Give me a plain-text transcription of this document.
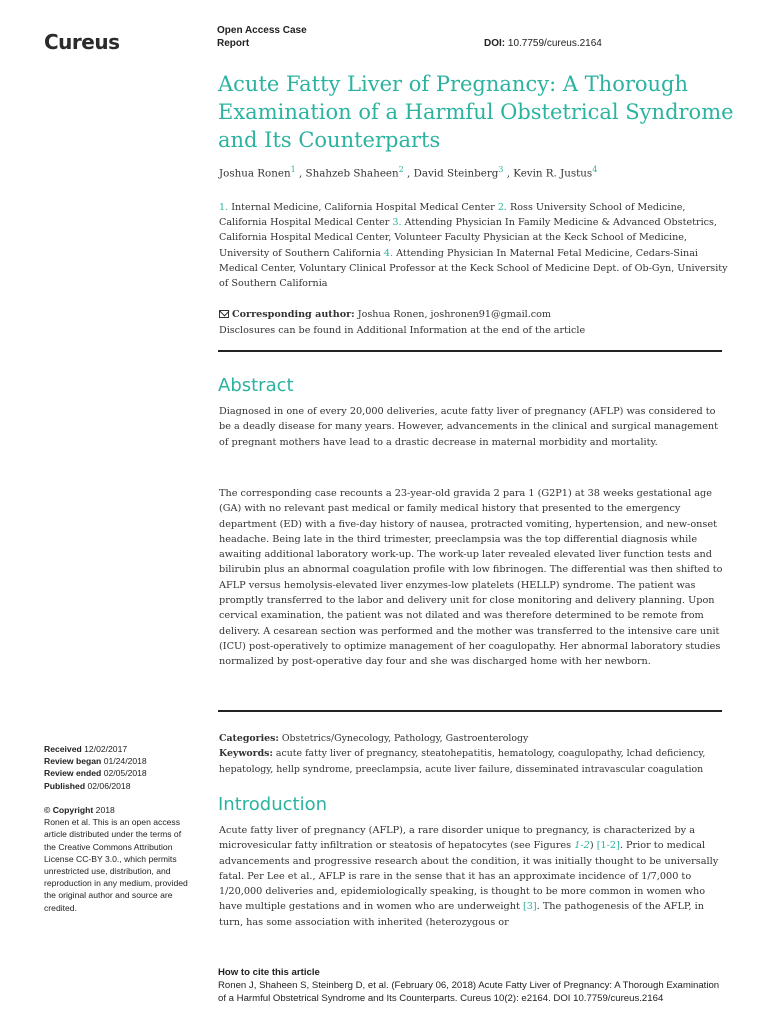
Cureus	Open Access Case
Report	DOI: 10.7759/cureus.2164
Acute Fatty Liver of Pregnancy: A Thorough Examination of a Harmful Obstetrical Syndrome and Its Counterparts
Joshua Ronen$^1$ , Shahzeb Shaheen$^2$ , David Steinberg$^3$ , Kevin R. Justus$^4$
1. Internal Medicine, California Hospital Medical Center 2. Ross University School of Medicine, California Hospital Medical Center 3. Attending Physician In Family Medicine & Advanced Obstetrics, California Hospital Medical Center, Volunteer Faculty Physician at the Keck School of Medicine, University of Southern California 4. Attending Physician In Maternal Fetal Medicine, Cedars-Sinai Medical Center, Voluntary Clinical Professor at the Keck School of Medicine Dept. of Ob-Gyn, University of Southern California
Corresponding author: Joshua Ronen, joshronen91@gmail.com
Disclosures can be found in Additional Information at the end of the article
Abstract
Diagnosed in one of every 20,000 deliveries, acute fatty liver of pregnancy (AFLP) was considered to be a deadly disease for many years. However, advancements in the clinical and surgical management of pregnant mothers have lead to a drastic decrease in maternal morbidity and mortality.
The corresponding case recounts a 23-year-old gravida 2 para 1 (G2P1) at 38 weeks gestational age (GA) with no relevant past medical or family medical history that presented to the emergency department (ED) with a five-day history of nausea, protracted vomiting, hypertension, and new-onset headache. Being late in the third trimester, preeclampsia was the top differential diagnosis while awaiting additional laboratory work-up. The work-up later revealed elevated liver function tests and bilirubin plus an abnormal coagulation profile with low fibrinogen. The differential was then shifted to AFLP versus hemolysis-elevated liver enzymes-low platelets (HELLP) syndrome. The patient was promptly transferred to the labor and delivery unit for close monitoring and delivery planning. Upon cervical examination, the patient was not dilated and was therefore determined to be remote from delivery. A cesarean section was performed and the mother was transferred to the intensive care unit (ICU) post-operatively to optimize management of her coagulopathy. Her abnormal laboratory studies normalized by post-operative day four and she was discharged home with her newborn.
Categories: Obstetrics/Gynecology, Pathology, Gastroenterology
Keywords: acute fatty liver of pregnancy, steatohepatitis, hematology, coagulopathy, lchad deficiency, hepatology, hellp syndrome, preeclampsia, acute liver failure, disseminated intravascular coagulation
Introduction
Acute fatty liver of pregnancy (AFLP), a rare disorder unique to pregnancy, is characterized by a microvesicular fatty infiltration or steatosis of hepatocytes (see Figures 1-2) [1-2]. Prior to medical advancements and progressive research about the condition, it was initially thought to be universally fatal. Per Lee et al., AFLP is rare in the sense that it has an approximate incidence of 1/7,000 to 1/20,000 deliveries and, epidemiologically speaking, is thought to be more common in women who have multiple gestations and in women who are underweight [3]. The pathogenesis of the AFLP, in turn, has some association with inherited (heterozygous or
Received 12/02/2017
Review began 01/24/2018
Review ended 02/05/2018
Published 02/06/2018
© Copyright 2018
Ronen et al. This is an open access article distributed under the terms of the Creative Commons Attribution License CC-BY 3.0., which permits unrestricted use, distribution, and reproduction in any medium, provided the original author and source are credited.
How to cite this article
Ronen J, Shaheen S, Steinberg D, et al. (February 06, 2018) Acute Fatty Liver of Pregnancy: A Thorough Examination of a Harmful Obstetrical Syndrome and Its Counterparts. Cureus 10(2): e2164. DOI 10.7759/cureus.2164
